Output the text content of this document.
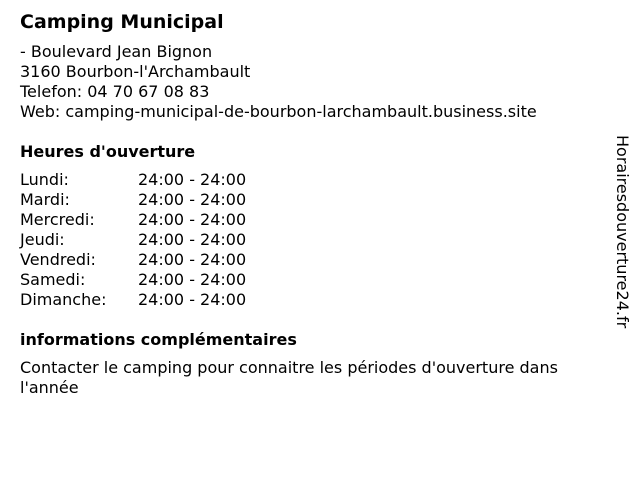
Camping Municipal
- Boulevard Jean Bignon
3160 Bourbon-l'Archambault
Telefon: 04 70 67 08 83
Web: camping-municipal-de-bourbon-larchambault.business.site
Heures d'ouverture
Lundi:	24:00 - 24:00
Mardi:	24:00 - 24:00
Mercredi:	24:00 - 24:00
Jeudi:	24:00 - 24:00
Vendredi:	24:00 - 24:00
Samedi:	24:00 - 24:00
Dimanche:	24:00 - 24:00
informations complémentaires
Contacter le camping pour connaitre les périodes d'ouverture dans l'année
Horairesdouverture24.fr
